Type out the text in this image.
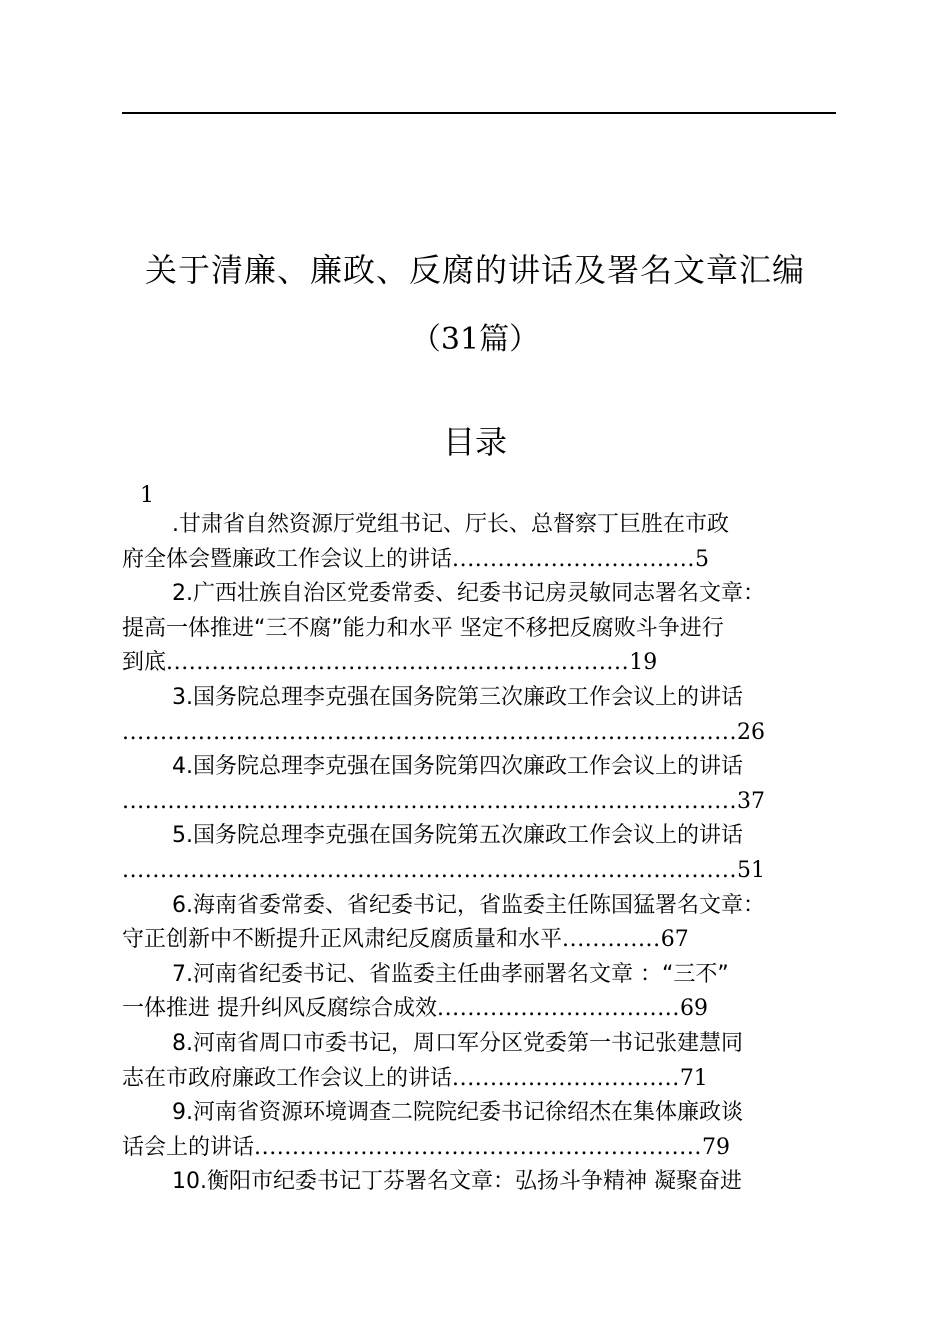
关于清廉、廉政、反腐的讲话及署名文章汇编
（31篇）
目录
1
.甘肃省自然资源厅党组书记、厅长、总督察丁巨胜在市政
府全体会暨廉政工作会议上的讲话................................5
2.广西壮族自治区党委常委、纪委书记房灵敏同志署名文章：
提高一体推进“三不腐”能力和水平 坚定不移把反腐败斗争进行
到底.............................................................19
3.国务院总理李克强在国务院第三次廉政工作会议上的讲话
.................................................................................26
4.国务院总理李克强在国务院第四次廉政工作会议上的讲话
.................................................................................37
5.国务院总理李克强在国务院第五次廉政工作会议上的讲话
.................................................................................51
6.海南省委常委、省纪委书记，省监委主任陈国猛署名文章：
守正创新中不断提升正风肃纪反腐质量和水平.............67
7.河南省纪委书记、省监委主任曲孝丽署名文章 ：“三不”
一体推进 提升纠风反腐综合成效................................69
8.河南省周口市委书记，周口军分区党委第一书记张建慧同
志在市政府廉政工作会议上的讲话..............................71
9.河南省资源环境调查二院院纪委书记徐绍杰在集体廉政谈
话会上的讲话...........................................................79
10.衡阳市纪委书记丁芬署名文章：弘扬斗争精神 凝聚奋进
